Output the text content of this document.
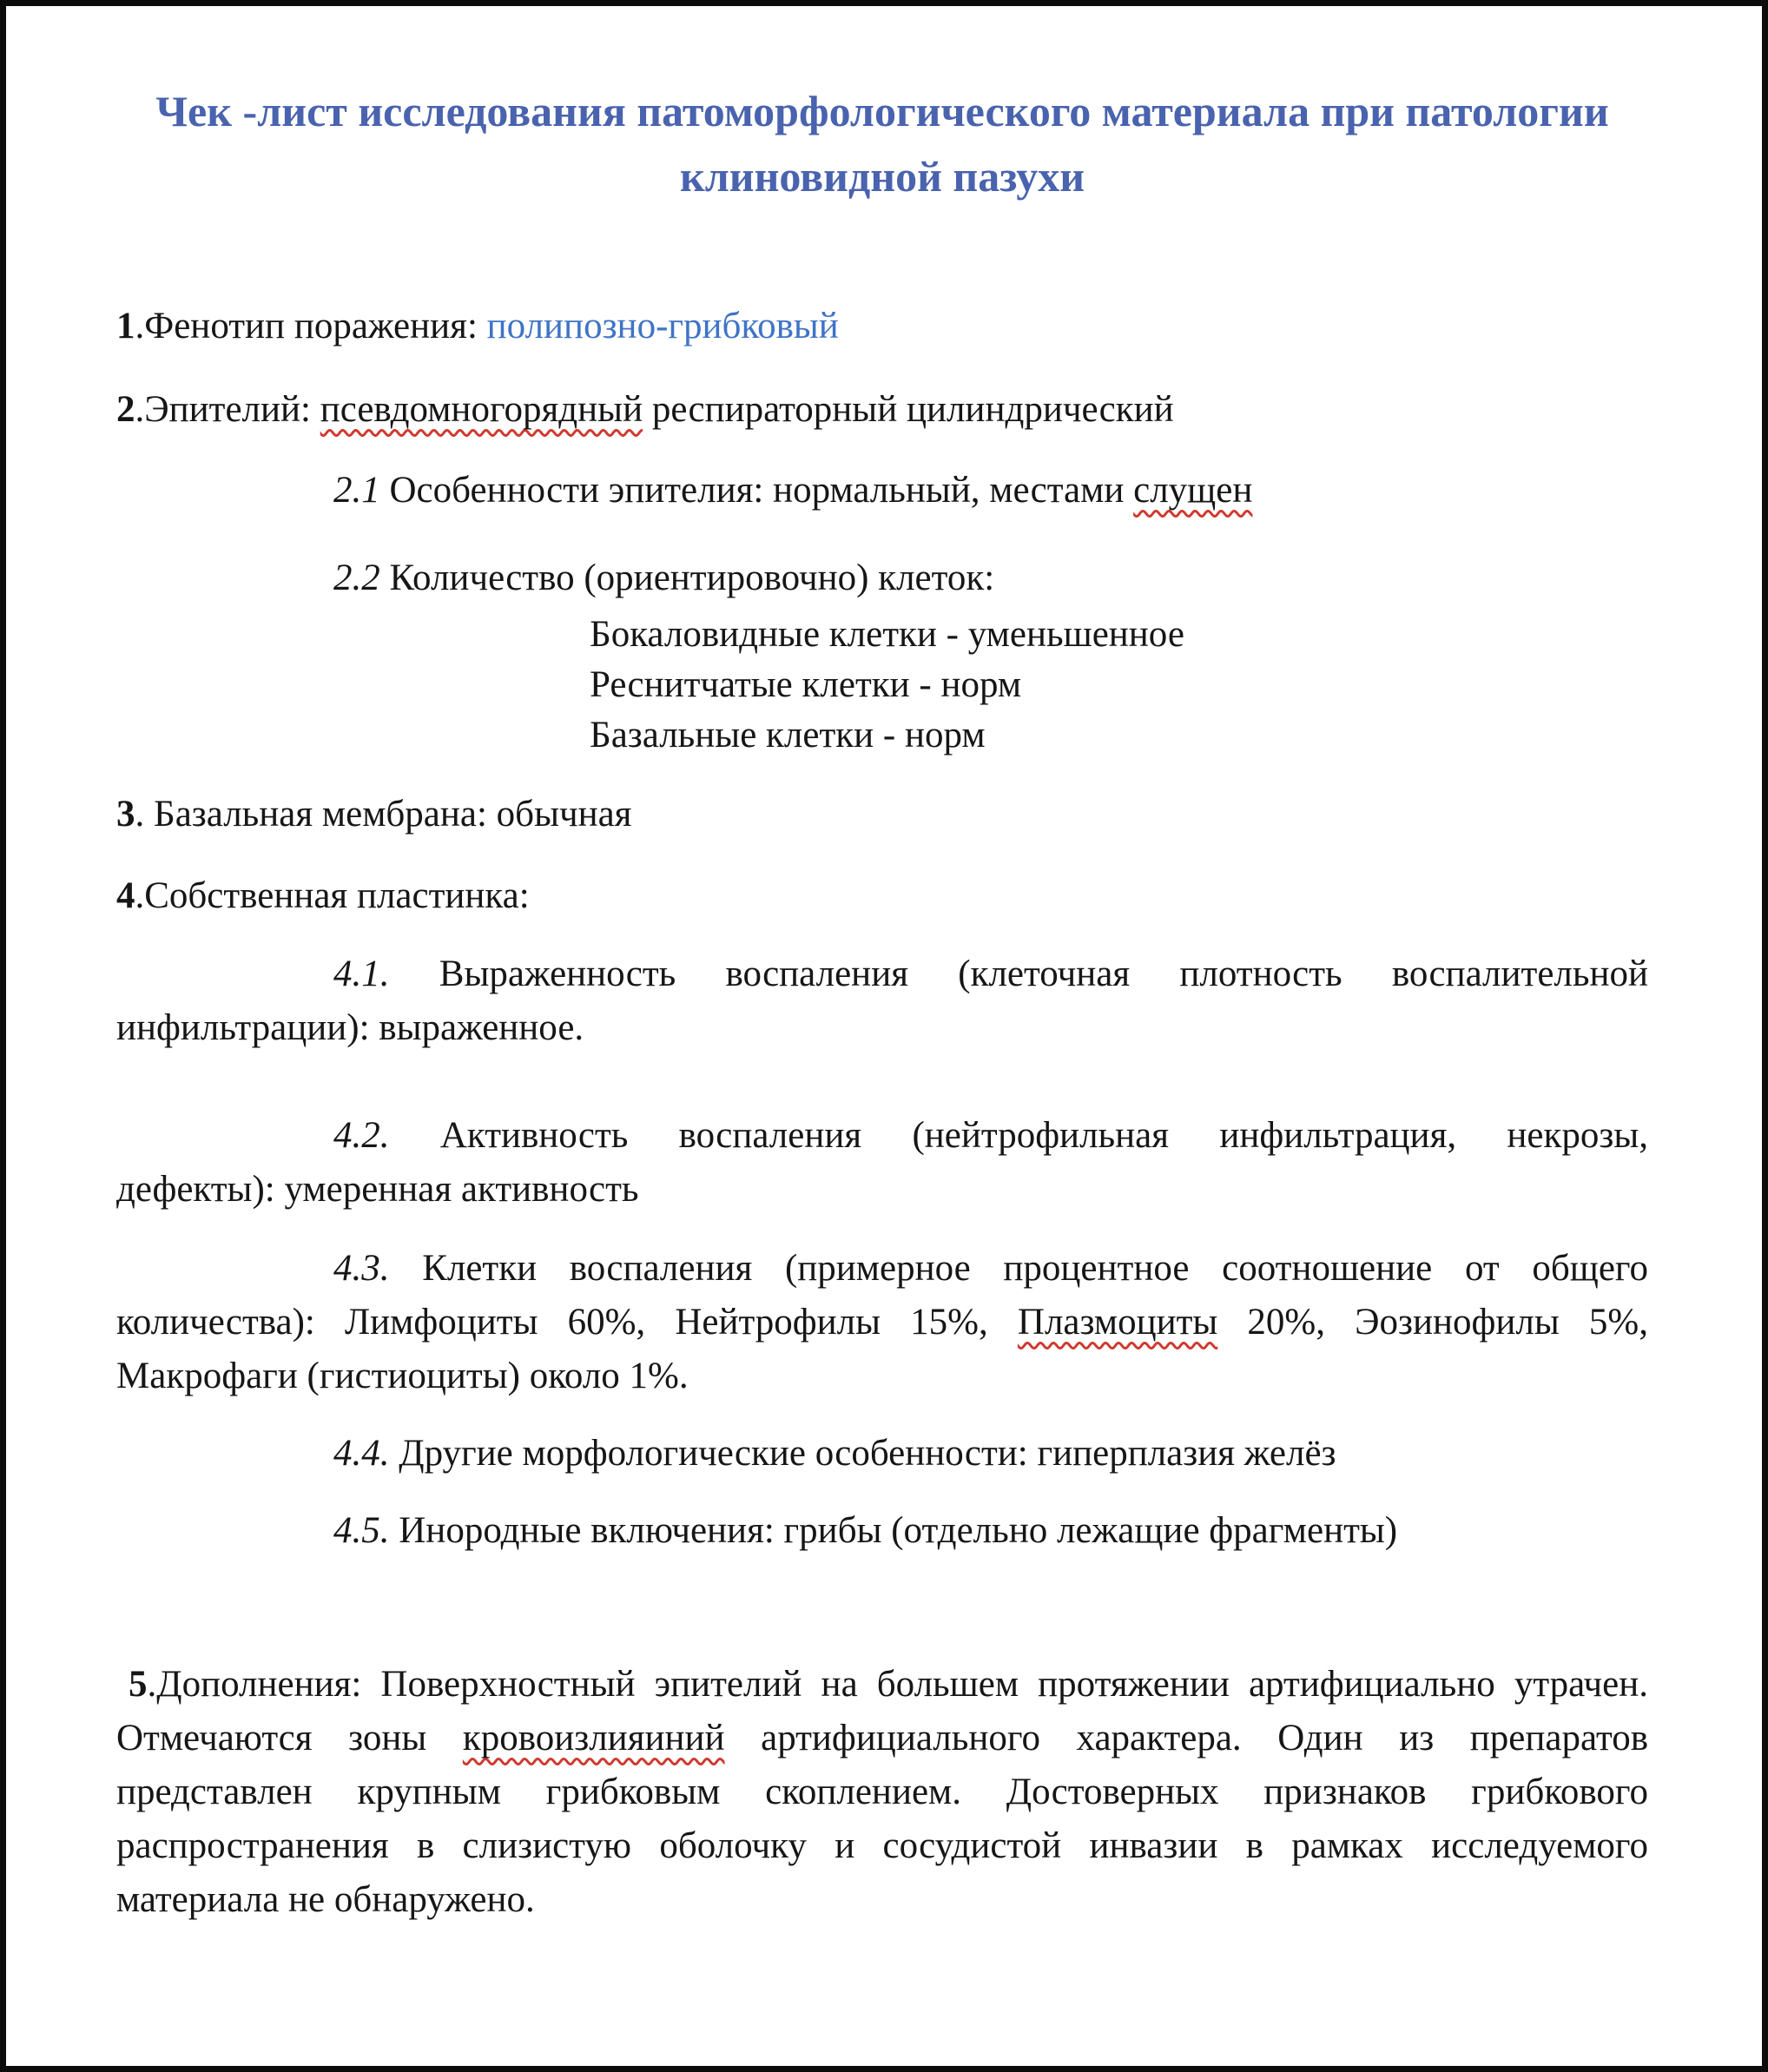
Чек -лист исследования патоморфологического материала при патологии клиновидной пазухи

1.Фенотип поражения: полипозно-грибковый

2.Эпителий: псевдомногорядный респираторный цилиндрический

2.1 Особенности эпителия: нормальный, местами слущен

2.2 Количество (ориентировочно) клеток:

Бокаловидные клетки - уменьшенное
Реснитчатые клетки - норм
Базальные клетки - норм

3. Базальная мембрана: обычная

4.Собственная пластинка:

4.1. Выраженность воспаления (клеточная плотность воспалительной
инфильтрации): выраженное.
4.2. Активность воспаления (нейтрофильная инфильтрация, некрозы,
дефекты): умеренная активность
4.3. Клетки воспаления (примерное процентное соотношение от общего
количества): Лимфоциты 60%, Нейтрофилы 15%, Плазмоциты 20%, Эозинофилы 5%,
Макрофаги (гистиоциты) около 1%.

4.4. Другие морфологические особенности: гиперплазия желёз

4.5. Инородные включения: грибы (отдельно лежащие фрагменты)

5.Дополнения: Поверхностный эпителий на большем протяжении артифициально утрачен.
Отмечаются зоны кровоизлияиний артифициального характера. Один из препаратов
представлен крупным грибковым скоплением. Достоверных признаков грибкового
распространения в слизистую оболочку и сосудистой инвазии в рамках исследуемого
материала не обнаружено.
